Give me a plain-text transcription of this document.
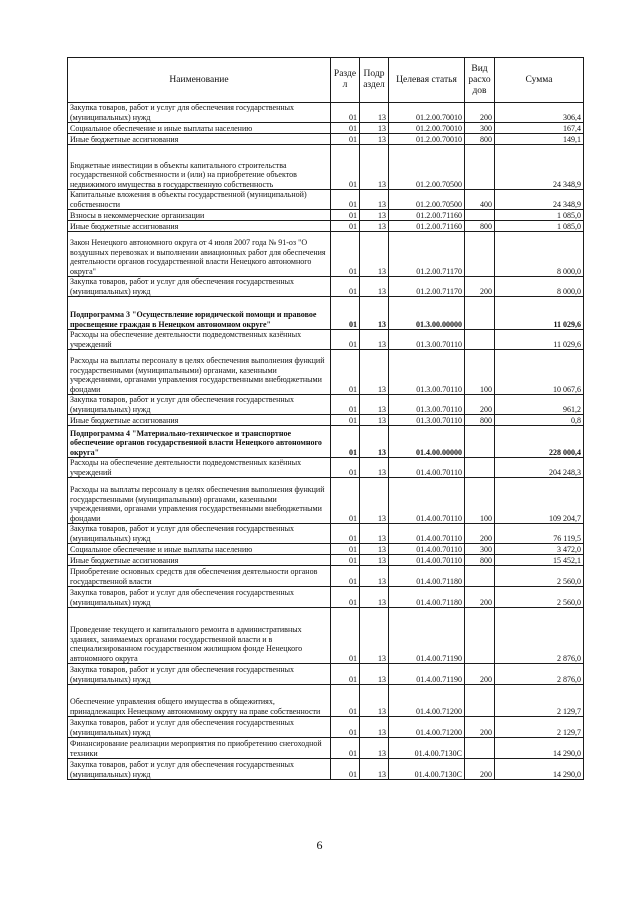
Наименование	Разде л	Подр аздел	Целевая статья	Вид расхо дов	Сумма
Закупка товаров, работ и услуг для обеспечения государственных (муниципальных) нужд	01	13	01.2.00.70010	200	306,4
Социальное обеспечение и иные выплаты населению	01	13	01.2.00.70010	300	167,4
Иные бюджетные ассигнования	01	13	01.2.00.70010	800	149,1
Бюджетные инвестиции в объекты капитального строительства государственной собственности и (или) на приобретение объектов недвижимого имущества в государственную собственность	01	13	01.2.00.70500		24 348,9
Капитальные вложения в объекты государственной (муниципальной) собственности	01	13	01.2.00.70500	400	24 348,9
Взносы в некоммерческие организации	01	13	01.2.00.71160		1 085,0
Иные бюджетные ассигнования	01	13	01.2.00.71160	800	1 085,0
Закон Ненецкого автономного округа от 4 июля 2007 года № 91-оз "О воздушных перевозках и выполнении авиационных работ для обеспечения деятельности органов государственной власти Ненецкого автономного округа"	01	13	01.2.00.71170		8 000,0
Закупка товаров, работ и услуг для обеспечения государственных (муниципальных) нужд	01	13	01.2.00.71170	200	8 000,0
Подпрограмма 3 "Осуществление юридической помощи и правовое просвещение граждан в Ненецком автономном округе"	01	13	01.3.00.00000		11 029,6
Расходы на обеспечение деятельности подведомственных казённых учреждений	01	13	01.3.00.70110		11 029,6
Расходы на выплаты персоналу в целях обеспечения выполнения функций государственными (муниципальными) органами, казенными учреждениями, органами управления государственными внебюджетными фондами	01	13	01.3.00.70110	100	10 067,6
Закупка товаров, работ и услуг для обеспечения государственных (муниципальных) нужд	01	13	01.3.00.70110	200	961,2
Иные бюджетные ассигнования	01	13	01.3.00.70110	800	0,8
Подпрограмма 4 "Материально-техническое и транспортное обеспечение органов государственной власти Ненецкого автономного округа"	01	13	01.4.00.00000		228 000,4
Расходы на обеспечение деятельности подведомственных казённых учреждений	01	13	01.4.00.70110		204 248,3
Расходы на выплаты персоналу в целях обеспечения выполнения функций государственными (муниципальными) органами, казенными учреждениями, органами управления государственными внебюджетными фондами	01	13	01.4.00.70110	100	109 204,7
Закупка товаров, работ и услуг для обеспечения государственных (муниципальных) нужд	01	13	01.4.00.70110	200	76 119,5
Социальное обеспечение и иные выплаты населению	01	13	01.4.00.70110	300	3 472,0
Иные бюджетные ассигнования	01	13	01.4.00.70110	800	15 452,1
Приобретение основных средств для обеспечения деятельности органов государственной власти	01	13	01.4.00.71180		2 560,0
Закупка товаров, работ и услуг для обеспечения государственных (муниципальных) нужд	01	13	01.4.00.71180	200	2 560,0
Проведение текущего и капитального ремонта в административных зданиях, занимаемых органами государственной власти и в специализированном государственном жилищном фонде Ненецкого автономного округа	01	13	01.4.00.71190		2 876,0
Закупка товаров, работ и услуг для обеспечения государственных (муниципальных) нужд	01	13	01.4.00.71190	200	2 876,0
Обеспечение управления общего имущества в общежитиях, принадлежащих Ненецкому автономному округу на праве собственности	01	13	01.4.00.71200		2 129,7
Закупка товаров, работ и услуг для обеспечения государственных (муниципальных) нужд	01	13	01.4.00.71200	200	2 129,7
Финансирование реализации мероприятия по приобретению снегоходной техники	01	13	01.4.00.7130С		14 290,0
Закупка товаров, работ и услуг для обеспечения государственных (муниципальных) нужд	01	13	01.4.00.7130С	200	14 290,0
6
